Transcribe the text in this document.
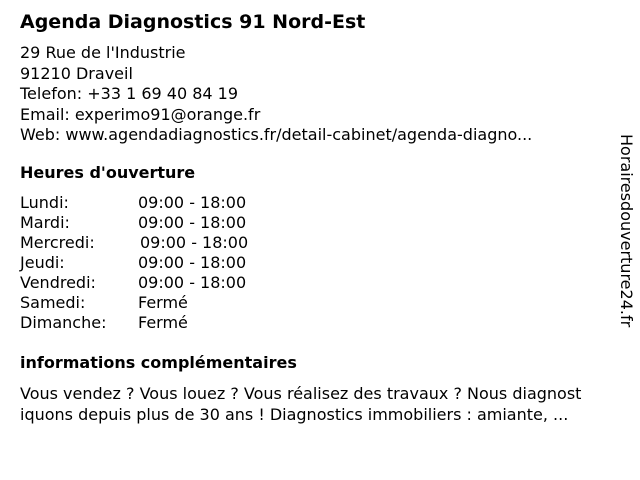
Agenda Diagnostics 91 Nord-Est
29 Rue de l'Industrie
91210 Draveil
Telefon: +33 1 69 40 84 19
Email: experimo91@orange.fr
Web: www.agendadiagnostics.fr/detail-cabinet/agenda-diagno...
Heures d'ouverture
Lundi:	09:00 - 18:00
Mardi:	09:00 - 18:00
Mercredi:	09:00 - 18:00
Jeudi:	09:00 - 18:00
Vendredi:	09:00 - 18:00
Samedi:	Fermé
Dimanche: Fermé
informations complémentaires
Vous vendez ? Vous louez ? Vous réalisez des travaux ? Nous diagnost
iquons depuis plus de 30 ans ! Diagnostics immobiliers : amiante, ...
Horairesdouverture24.fr
